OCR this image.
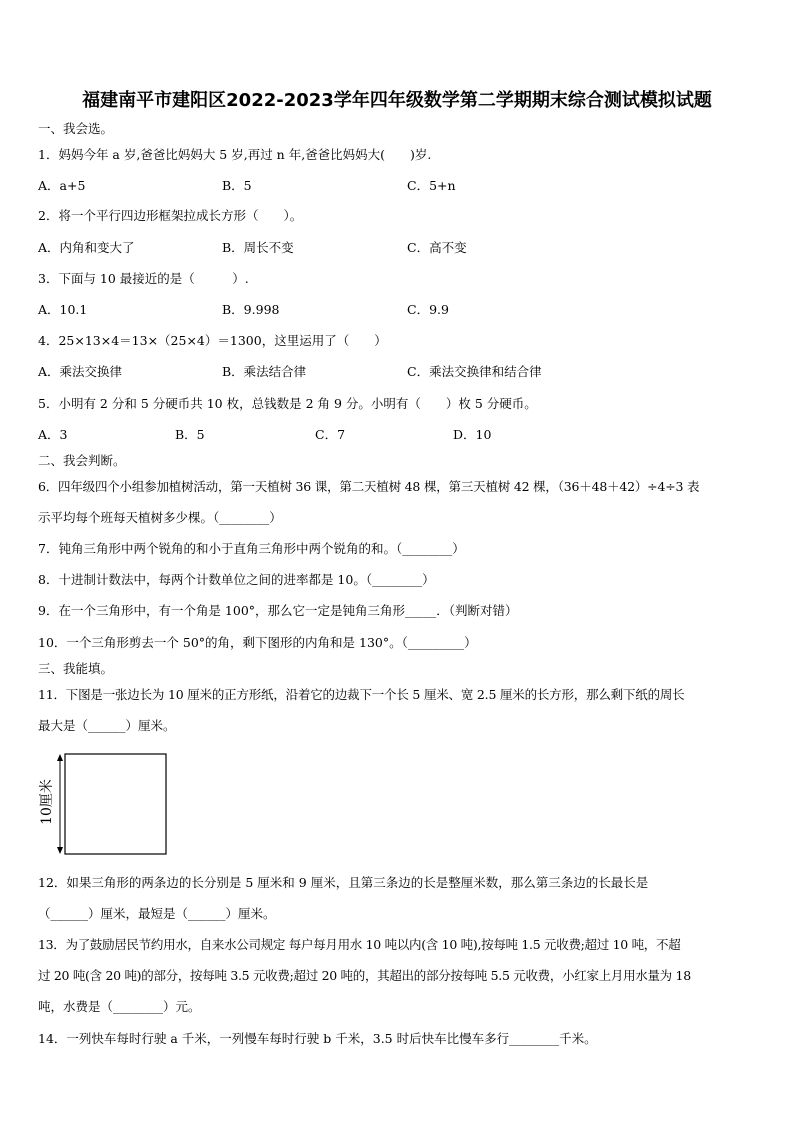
福建南平市建阳区2022-2023学年四年级数学第二学期期末综合测试模拟试题
一、我会选。
1．妈妈今年 a 岁,爸爸比妈妈大 5 岁,再过 n 年,爸爸比妈妈大(　　)岁.
A．a+5	B．5	C．5+n
2．将一个平行四边形框架拉成长方形（　　）。
A．内角和变大了	B．周长不变	C．高不变
3．下面与 10 最接近的是（　　　）.
A．10.1	B．9.998	C．9.9
4．25×13×4＝13×（25×4）＝1300，这里运用了（　　）
A．乘法交换律	B．乘法结合律	C．乘法交换律和结合律
5．小明有 2 分和 5 分硬币共 10 枚，总钱数是 2 角 9 分。小明有（　　）枚 5 分硬币。
A．3	B．5	C．7	D．10
二、我会判断。
6．四年级四个小组参加植树活动，第一天植树 36 课，第二天植树 48 棵，第三天植树 42 棵，（36＋48＋42）÷4÷3 表
示平均每个班每天植树多少棵。（________）
7．钝角三角形中两个锐角的和小于直角三角形中两个锐角的和。（________）
8．十进制计数法中，每两个计数单位之间的进率都是 10。（________）
9．在一个三角形中，有一个角是 100°，那么它一定是钝角三角形_____．（判断对错）
10．一个三角形剪去一个 50°的角，剩下图形的内角和是 130°。（_________）
三、我能填。
11．下图是一张边长为 10 厘米的正方形纸，沿着它的边裁下一个长 5 厘米、宽 2.5 厘米的长方形，那么剩下纸的周长
最大是（______）厘米。
10厘米
12．如果三角形的两条边的长分别是 5 厘米和 9 厘米，且第三条边的长是整厘米数，那么第三条边的长最长是
（______）厘米，最短是（______）厘米。
13．为了鼓励居民节约用水，自来水公司规定 每户每月用水 10 吨以内(含 10 吨),按每吨 1.5 元收费;超过 10 吨，不超
过 20 吨(含 20 吨)的部分，按每吨 3.5 元收费;超过 20 吨的，其超出的部分按每吨 5.5 元收费，小红家上月用水量为 18
吨，水费是（________）元。
14．一列快车每时行驶 a 千米，一列慢车每时行驶 b 千米，3.5 时后快车比慢车多行________千米。
